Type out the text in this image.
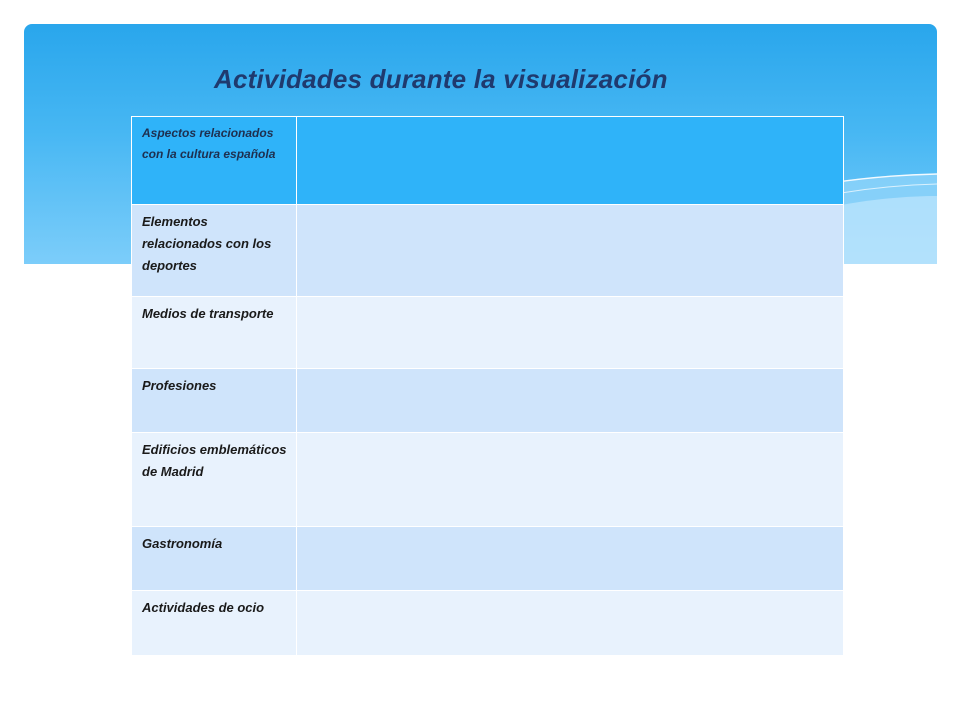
Actividades durante la visualización
Aspectos relacionados con la cultura española	
Elementos relacionados con los deportes	
Medios de transporte	
Profesiones	
Edificios emblemáticos de Madrid	
Gastronomía	
Actividades de ocio	
